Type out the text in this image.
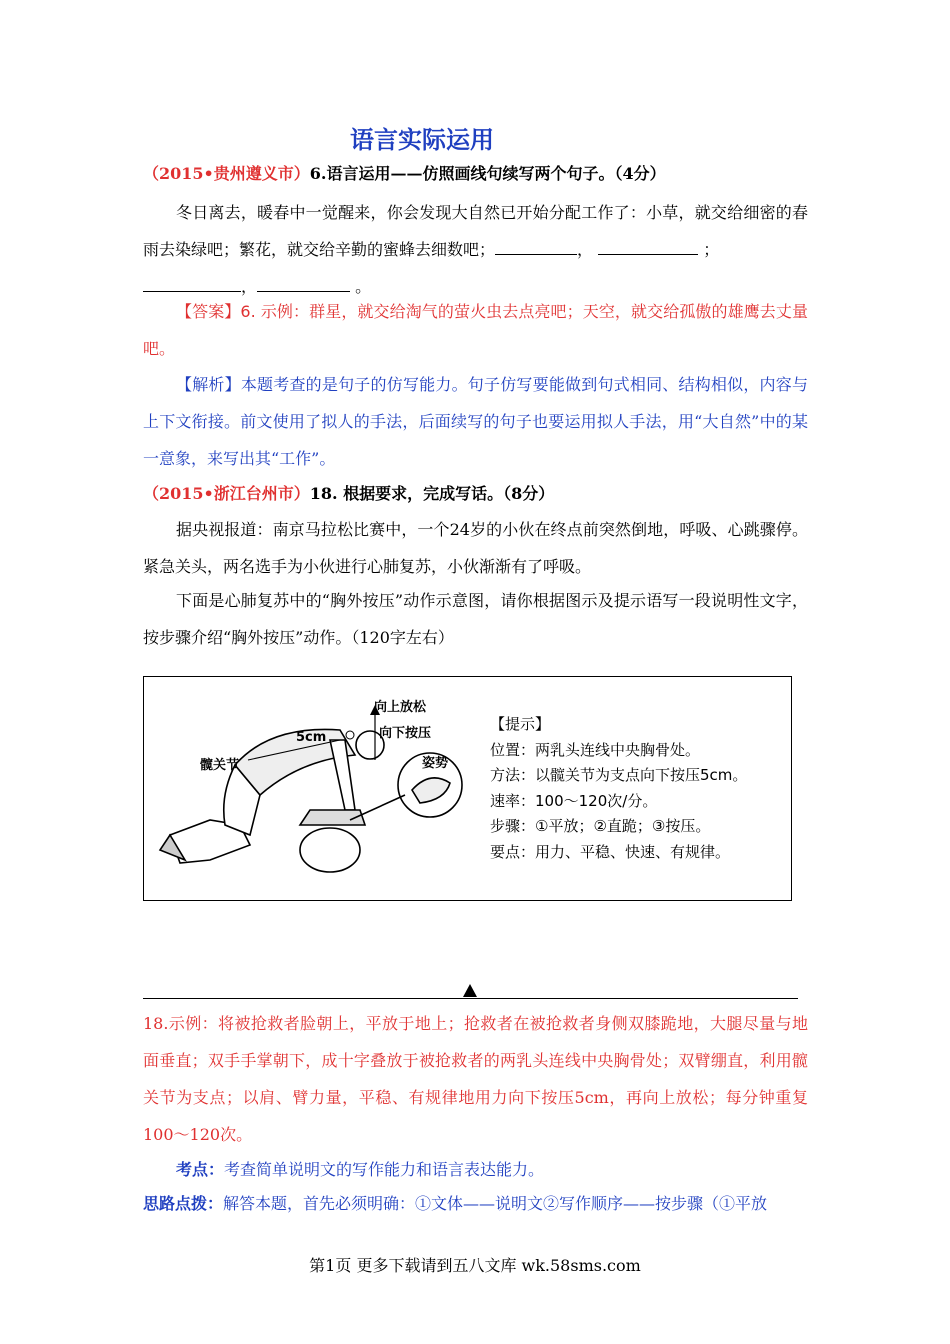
语言实际运用
（2015•贵州遵义市）6.语言运用——仿照画线句续写两个句子。（4分）
冬日离去，暖春中一觉醒来，你会发现大自然已开始分配工作了：小草，就交给细密的春雨去染绿吧；繁花，就交给辛勤的蜜蜂去细数吧；	，	；

，	。
【答案】6. 示例：群星，就交给淘气的萤火虫去点亮吧；天空，就交给孤傲的雄鹰去丈量吧。
【解析】本题考查的是句子的仿写能力。句子仿写要能做到句式相同、结构相似，内容与上下文衔接。前文使用了拟人的手法，后面续写的句子也要运用拟人手法，用“大自然”中的某一意象，来写出其“工作”。
（2015•浙江台州市）18. 根据要求，完成写话。（8分）
据央视报道：南京马拉松比赛中，一个24岁的小伙在终点前突然倒地，呼吸、心跳骤停。紧急关头，两名选手为小伙进行心肺复苏，小伙渐渐有了呼吸。
下面是心肺复苏中的“胸外按压”动作示意图，请你根据图示及提示语写一段说明性文字，按步骤介绍“胸外按压”动作。（120字左右）
向上放松
向下按压
5cm
髋关节	姿势
【提示】
位置：两乳头连线中央胸骨处。
方法：以髋关节为支点向下按压5cm。
速率：100～120次/分。
步骤：①平放；②直跪；③按压。
要点：用力、平稳、快速、有规律。
18.示例：将被抢救者脸朝上，平放于地上；抢救者在被抢救者身侧双膝跪地，大腿尽量与地面垂直；双手手掌朝下，成十字叠放于被抢救者的两乳头连线中央胸骨处；双臂绷直，利用髋关节为支点；以肩、臂力量，平稳、有规律地用力向下按压5cm，再向上放松；每分钟重复100～120次。
考点：考查简单说明文的写作能力和语言表达能力。
思路点拨：解答本题，首先必须明确：①文体——说明文②写作顺序——按步骤（①平放
第1页 更多下载请到五八文库 wk.58sms.com
